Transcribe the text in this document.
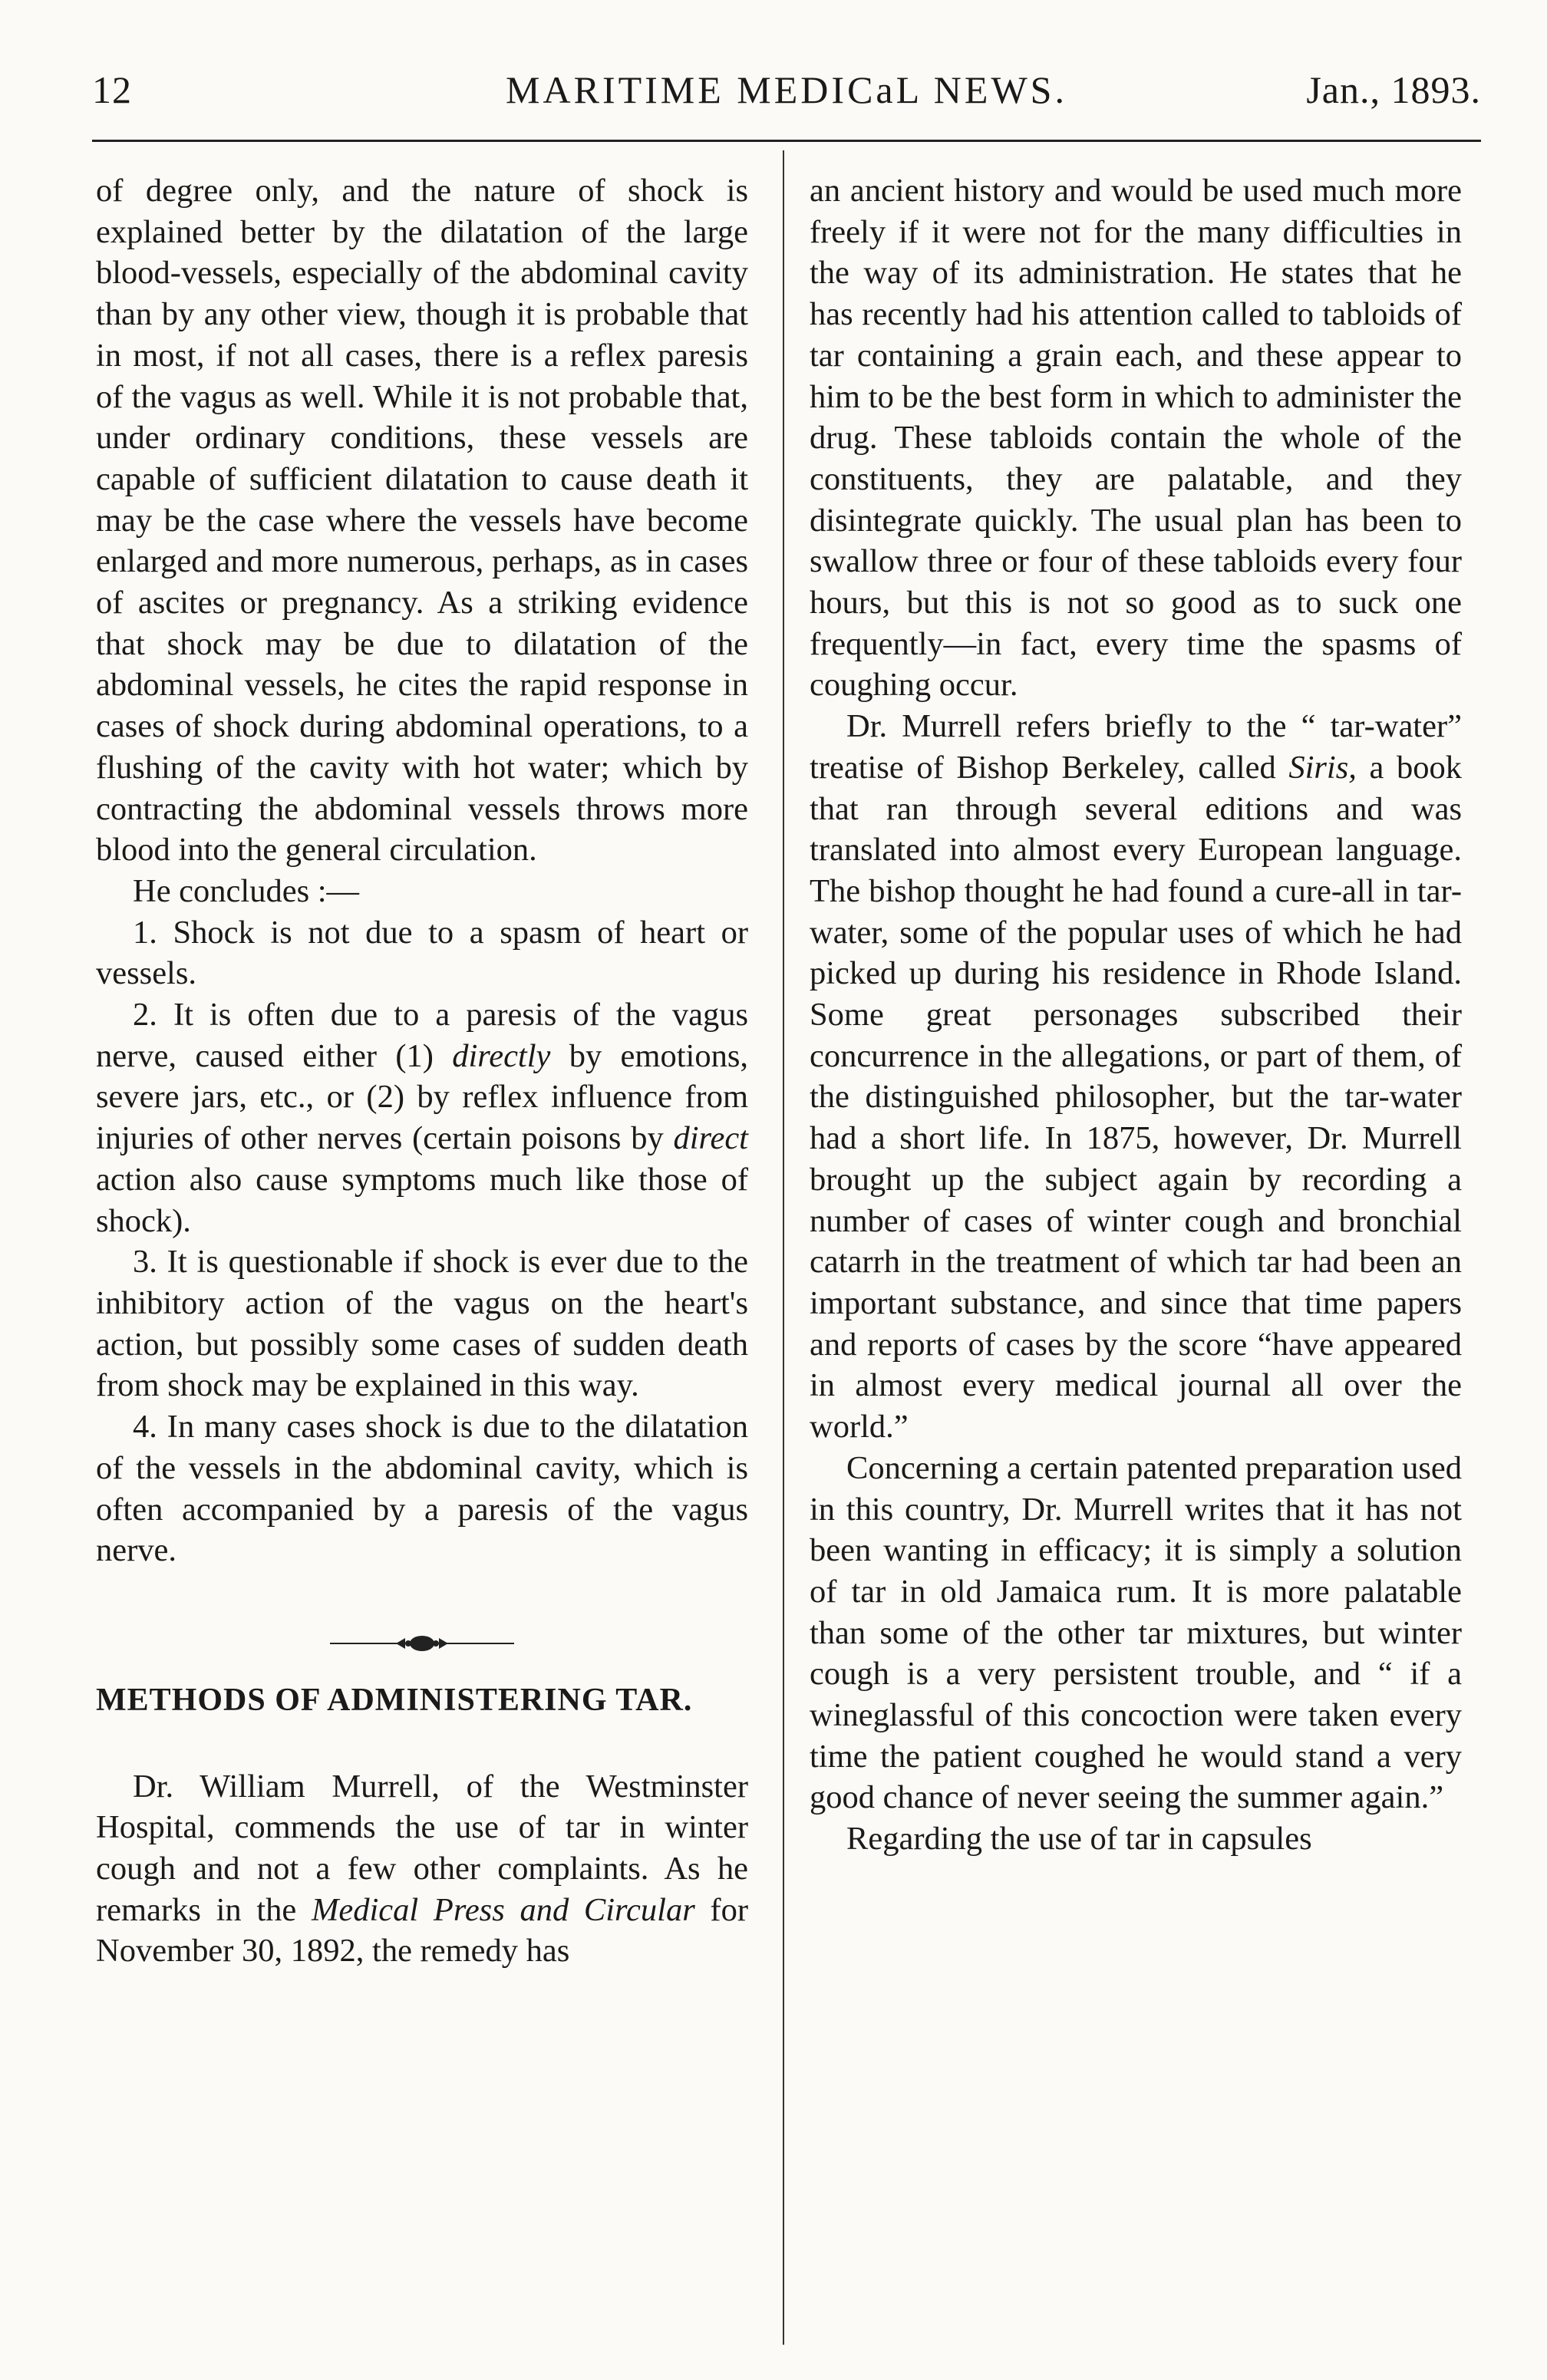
12	MARITIME MEDICaL NEWS.	Jan., 1893.

of degree only, and the nature of shock is explained better by the dilatation of the large blood-vessels, especially of the abdominal cavity than by any other view, though it is probable that in most, if not all cases, there is a reflex paresis of the vagus as well. While it is not probable that, under ordinary conditions, these vessels are capable of sufficient dilatation to cause death it may be the case where the vessels have become enlarged and more numerous, perhaps, as in cases of ascites or pregnancy. As a striking evidence that shock may be due to dilatation of the abdominal vessels, he cites the rapid response in cases of shock during abdominal operations, to a flushing of the cavity with hot water; which by contracting the abdominal vessels throws more blood into the general circulation.

He concludes :—

1. Shock is not due to a spasm of heart or vessels.

2. It is often due to a paresis of the vagus nerve, caused either (1) directly by emotions, severe jars, etc., or (2) by reflex influence from injuries of other nerves (certain poisons by direct action also cause symptoms much like those of shock).

3. It is questionable if shock is ever due to the inhibitory action of the vagus on the heart's action, but possibly some cases of sudden death from shock may be explained in this way.

4. In many cases shock is due to the dilatation of the vessels in the abdominal cavity, which is often accompanied by a paresis of the vagus nerve.

METHODS OF ADMINISTERING TAR.

Dr. William Murrell, of the Westminster Hospital, commends the use of tar in winter cough and not a few other complaints. As he remarks in the Medical Press and Circular for November 30, 1892, the remedy has

an ancient history and would be used much more freely if it were not for the many difficulties in the way of its administration. He states that he has recently had his attention called to tabloids of tar containing a grain each, and these appear to him to be the best form in which to administer the drug. These tabloids contain the whole of the constituents, they are palatable, and they disintegrate quickly. The usual plan has been to swallow three or four of these tabloids every four hours, but this is not so good as to suck one frequently—in fact, every time the spasms of coughing occur.

Dr. Murrell refers briefly to the “ tar-water” treatise of Bishop Berkeley, called Siris, a book that ran through several editions and was translated into almost every European language. The bishop thought he had found a cure-all in tar-water, some of the popular uses of which he had picked up during his residence in Rhode Island. Some great personages subscribed their concurrence in the allegations, or part of them, of the distinguished philosopher, but the tar-water had a short life. In 1875, however, Dr. Murrell brought up the subject again by recording a number of cases of winter cough and bronchial catarrh in the treatment of which tar had been an important substance, and since that time papers and reports of cases by the score “have appeared in almost every medical journal all over the world.”

Concerning a certain patented preparation used in this country, Dr. Murrell writes that it has not been wanting in efficacy; it is simply a solution of tar in old Jamaica rum. It is more palatable than some of the other tar mixtures, but winter cough is a very persistent trouble, and “ if a wineglassful of this concoction were taken every time the patient coughed he would stand a very good chance of never seeing the summer again.”

Regarding the use of tar in capsules
